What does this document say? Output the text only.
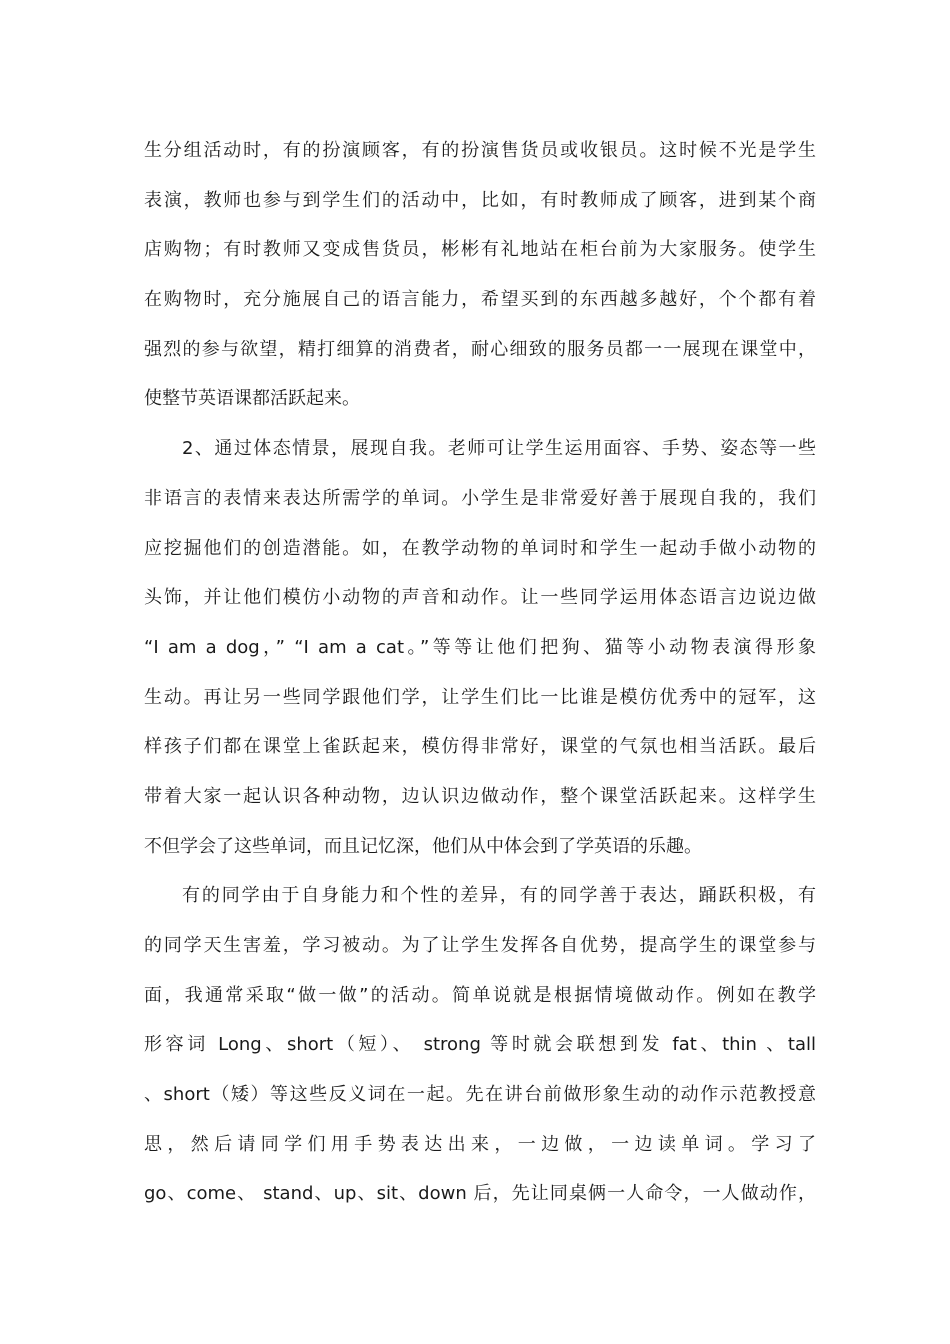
生分组活动时，有的扮演顾客，有的扮演售货员或收银员。这时候不光是学生
表演，教师也参与到学生们的活动中，比如，有时教师成了顾客，进到某个商
店购物；有时教师又变成售货员，彬彬有礼地站在柜台前为大家服务。使学生
在购物时，充分施展自己的语言能力，希望买到的东西越多越好，个个都有着
强烈的参与欲望，精打细算的消费者，耐心细致的服务员都一一展现在课堂中，
使整节英语课都活跃起来。
2、通过体态情景，展现自我。老师可让学生运用面容、手势、姿态等一些
非语言的表情来表达所需学的单词。小学生是非常爱好善于展现自我的，我们
应挖掘他们的创造潜能。如，在教学动物的单词时和学生一起动手做小动物的
头饰，并让他们模仿小动物的声音和动作。让一些同学运用体态语言边说边做
“I am a dog，” “I am a cat。”等等让他们把狗、猫等小动物表演得形象
生动。再让另一些同学跟他们学，让学生们比一比谁是模仿优秀中的冠军，这
样孩子们都在课堂上雀跃起来，模仿得非常好，课堂的气氛也相当活跃。最后
带着大家一起认识各种动物，边认识边做动作，整个课堂活跃起来。这样学生
不但学会了这些单词，而且记忆深，他们从中体会到了学英语的乐趣。
有的同学由于自身能力和个性的差异，有的同学善于表达，踊跃积极，有
的同学天生害羞，学习被动。为了让学生发挥各自优势，提高学生的课堂参与
面，我通常采取“做一做”的活动。简单说就是根据情境做动作。例如在教学
形容词 Long、short（短）、 strong 等时就会联想到发 fat、thin 、tall
、short（矮）等这些反义词在一起。先在讲台前做形象生动的动作示范教授意
思，然后请同学们用手势表达出来，一边做，一边读单词。学习了
go、come、 stand、up、sit、down 后，先让同桌俩一人命令，一人做动作，
